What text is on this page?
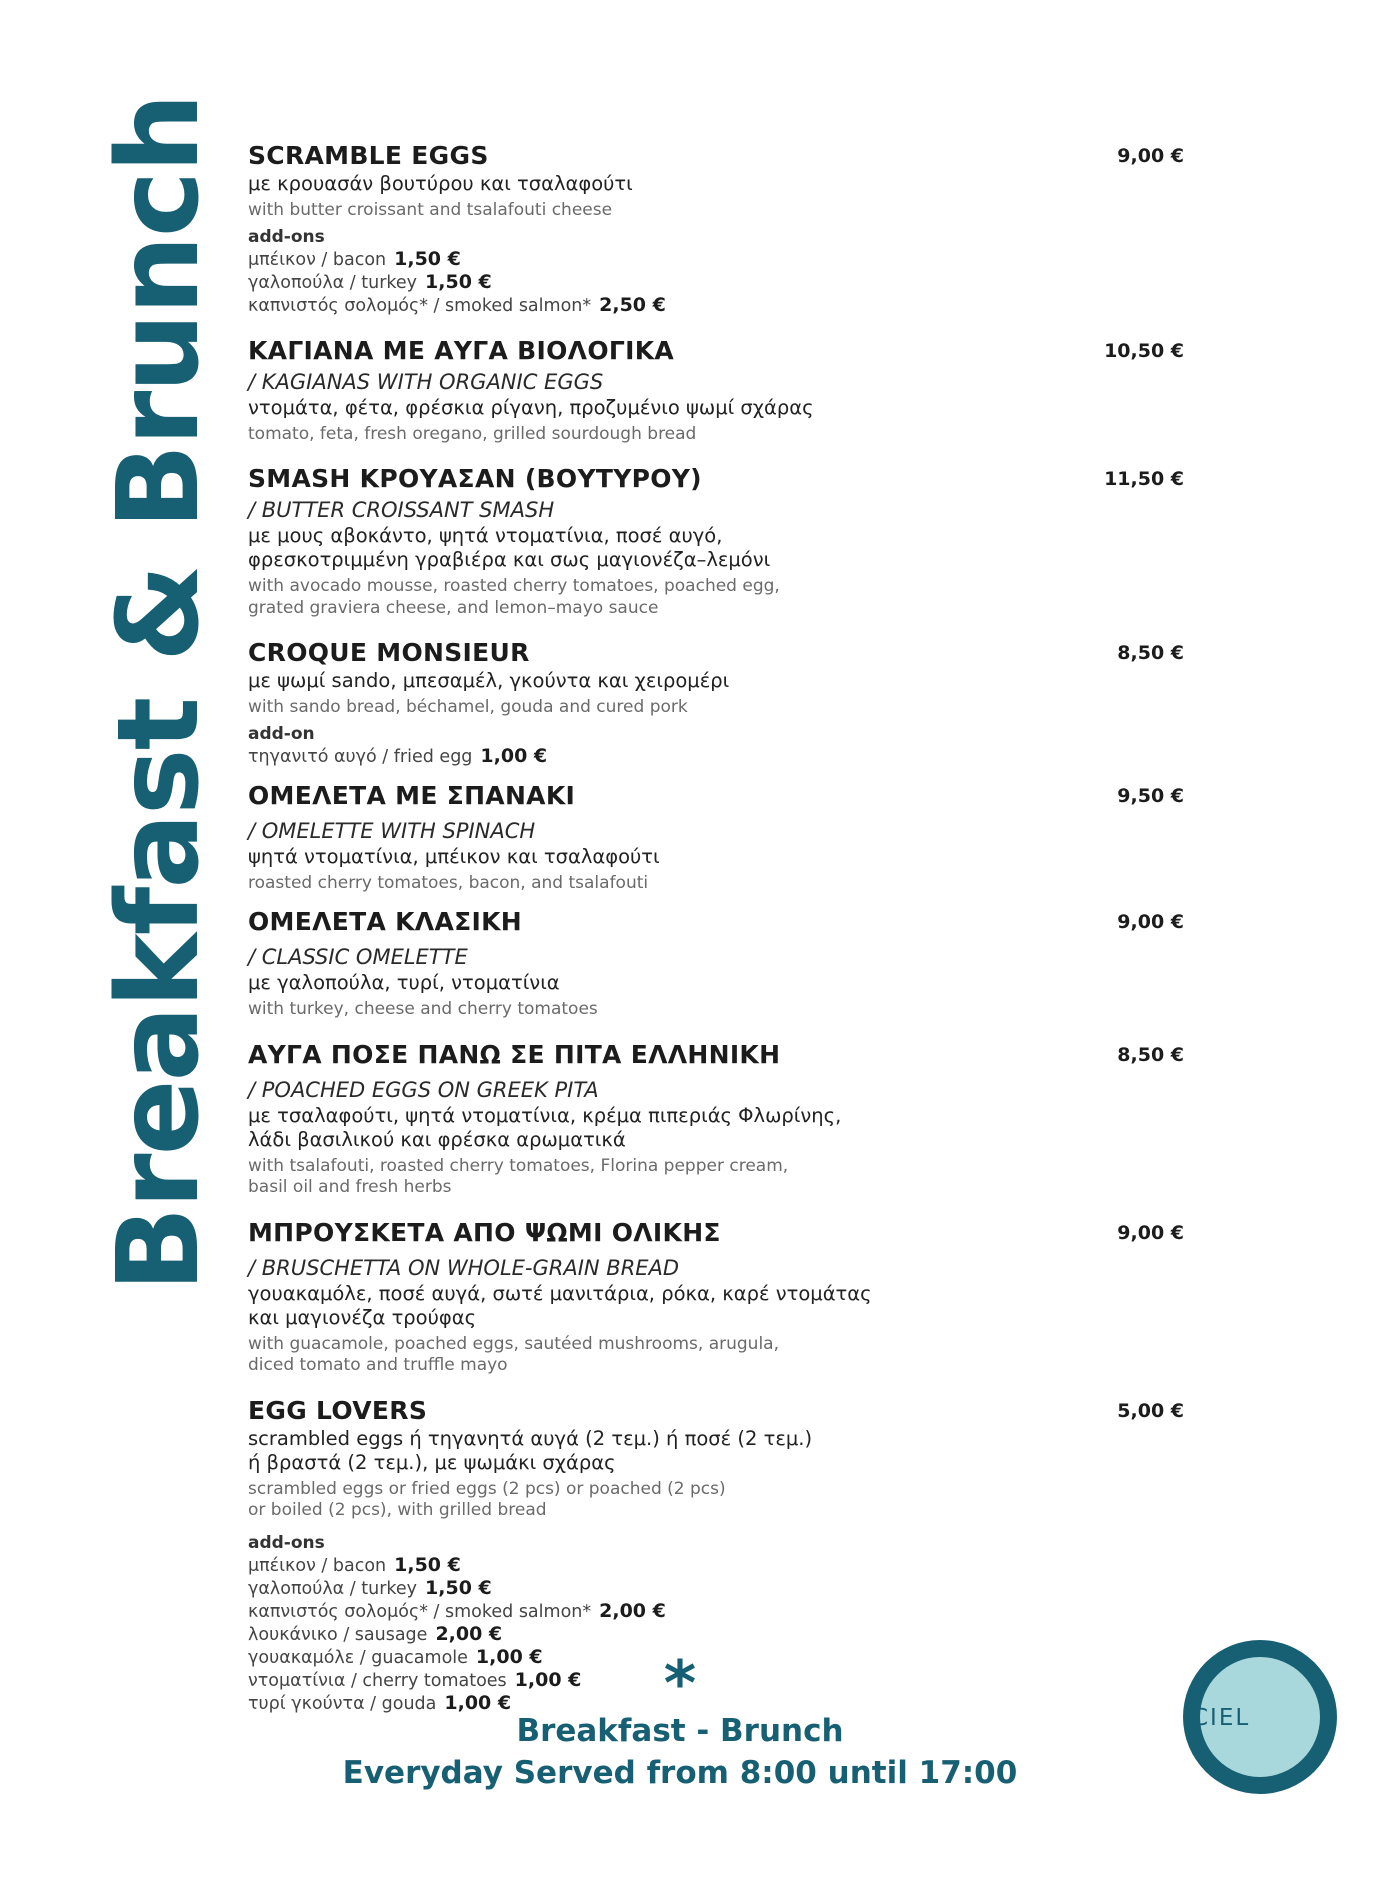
Breakfast & Brunch SCRAMBLE EGGS	9,00 €
με κρουασάν βουτύρου και τσαλαφούτι
with butter croissant and tsalafouti cheese
add-ons
μπέικον / bacon 1,50 €
γαλοπούλα / turkey 1,50 €
καπνιστός σολομός* / smoked salmon* 2,50 €
ΚΑΓΙΑΝΑ ΜΕ ΑΥΓΑ ΒΙΟΛΟΓΙΚΑ	10,50 €
/ KAGIANAS WITH ORGANIC EGGS
ντομάτα, φέτα, φρέσκια ρίγανη, προζυμένιο ψωμί σχάρας
tomato, feta, fresh oregano, grilled sourdough bread
SMASH ΚΡΟΥΑΣΑΝ (ΒΟΥΤΥΡΟΥ)	11,50 €
/ BUTTER CROISSANT SMASH
με μους αβοκάντο, ψητά ντοματίνια, ποσέ αυγό,
φρεσκοτριμμένη γραβιέρα και σως μαγιονέζα–λεμόνι
with avocado mousse, roasted cherry tomatoes, poached egg,
grated graviera cheese, and lemon–mayo sauce
CROQUE MONSIEUR	8,50 €
με ψωμί sando, μπεσαμέλ, γκούντα και χειρομέρι
with sando bread, béchamel, gouda and cured pork
add-on
τηγανιτό αυγό / fried egg 1,00 €
ΟΜΕΛΕΤΑ ΜΕ ΣΠΑΝΑΚΙ	9,50 €
/ OMELETTE WITH SPINACH
ψητά ντοματίνια, μπέικον και τσαλαφούτι
roasted cherry tomatoes, bacon, and tsalafouti
ΟΜΕΛΕΤΑ ΚΛΑΣΙΚΗ	9,00 €
/ CLASSIC OMELETTE
με γαλοπούλα, τυρί, ντοματίνια
with turkey, cheese and cherry tomatoes
ΑΥΓΑ ΠΟΣΕ ΠΑΝΩ ΣΕ ΠΙΤΑ ΕΛΛΗΝΙΚΗ	8,50 €
/ POACHED EGGS ON GREEK PITA
με τσαλαφούτι, ψητά ντοματίνια, κρέμα πιπεριάς Φλωρίνης,
λάδι βασιλικού και φρέσκα αρωματικά
with tsalafouti, roasted cherry tomatoes, Florina pepper cream,
basil oil and fresh herbs
ΜΠΡΟΥΣΚΕΤΑ ΑΠΟ ΨΩΜΙ ΟΛΙΚΗΣ	9,00 €
/ BRUSCHETTA ON WHOLE-GRAIN BREAD
γουακαμόλε, ποσέ αυγά, σωτέ μανιτάρια, ρόκα, καρέ ντομάτας
και μαγιονέζα τρούφας
with guacamole, poached eggs, sautéed mushrooms, arugula,
diced tomato and truffle mayo
EGG LOVERS	5,00 €
scrambled eggs ή τηγανητά αυγά (2 τεμ.) ή ποσέ (2 τεμ.)
ή βραστά (2 τεμ.), με ψωμάκι σχάρας
scrambled eggs or fried eggs (2 pcs) or poached (2 pcs)
or boiled (2 pcs), with grilled bread
add-ons
μπέικον / bacon 1,50 €
γαλοπούλα / turkey 1,50 €
καπνιστός σολομός* / smoked salmon* 2,00 €
λουκάνικο / sausage 2,00 €
γουακαμόλε / guacamole 1,00 €
ντοματίνια / cherry tomatoes 1,00 €
τυρί γκούντα / gouda 1,00 €	*
Breakfast - Brunch
Everyday Served from 8:00 until 17:00
CIEL
